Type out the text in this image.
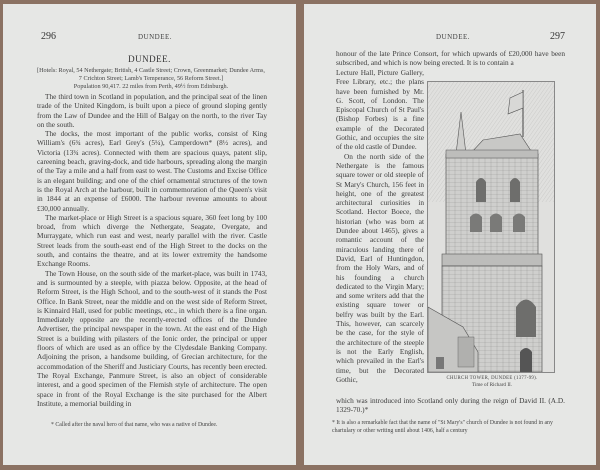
296	DUNDEE.
DUNDEE.
[Hotels: Royal, 54 Nethergate; British, 4 Castle Street; Crown, Greenmarket; Dundee Arms, 7 Crichton Street; Lamb's Temperance, 56 Reform Street.]
Population 90,417. 22 miles from Perth, 49½ from Edinburgh.

The third town in Scotland in population, and the principal seat of the linen trade of the United Kingdom, is built upon a piece of ground sloping gently from the Law of Dundee and the Hill of Balgay on the north, to the river Tay on the south.

The docks, the most important of the public works, consist of King William's (6¾ acres), Earl Grey's (5¼), Camperdown* (8½ acres), and Victoria (13¾ acres). Connected with them are spacious quays, patent slip, careening beach, graving-dock, and tide harbours, spreading along the margin of the Tay a mile and a half from east to west. The Customs and Excise Office is an elegant building; and one of the chief ornamental structures of the town is the Royal Arch at the harbour, built in commemoration of the Queen's visit in 1844 at an expense of £6000. The harbour revenue amounts to about £30,000 annually.

The market-place or High Street is a spacious square, 360 feet long by 100 broad, from which diverge the Nethergate, Seagate, Overgate, and Murraygate, which run east and west, nearly parallel with the river. Castle Street leads from the south-east end of the High Street to the docks on the south, and contains the theatre, and at its lower extremity the handsome Exchange Rooms.

The Town House, on the south side of the market-place, was built in 1743, and is surmounted by a steeple, with piazza below. Opposite, at the head of Reform Street, is the High School, and to the south-west of it stands the Post Office. In Bank Street, near the middle and on the west side of Reform Street, is Kinnaird Hall, used for public meetings, etc., in which there is a fine organ. Immediately opposite are the recently-erected offices of the Dundee Advertiser, the principal newspaper in the town. At the east end of the High Street is a building with pilasters of the Ionic order, the principal or upper floors of which are used as an office by the Clydesdale Banking Company. Adjoining the prison, a handsome building, of Grecian architecture, for the accommodation of the Sheriff and Justiciary Courts, has recently been erected. The Royal Exchange, Panmure Street, is also an object of considerable interest, and a good specimen of the Flemish style of architecture. The open space in front of the Royal Exchange is the site purchased for the Albert Institute, a memorial building in

* Called after the naval hero of that name, who was a native of Dundee.
DUNDEE.	297

honour of the late Prince Consort, for which upwards of £20,000 have been subscribed, and which is now being erected. It is to contain a

Lecture Hall, Picture Gallery, Free Library, etc.; the plans have been furnished by Mr. G. Scott, of London. The Episcopal Church of St Paul's (Bishop Forbes) is a fine example of the Decorated Gothic, and occupies the site of the old castle of Dundee.

On the north side of the Nethergate is the famous square tower or old steeple of St Mary's Church, 156 feet in height, one of the greatest architectural curiosities in Scotland. Hector Boece, the historian (who was born at Dundee about 1465), gives a romantic account of the miraculous landing there of David, Earl of Huntingdon, from the Holy Wars, and of his founding a church dedicated to the Virgin Mary; and some writers add that the existing square tower or belfry was built by the Earl. This, however, can scarcely be the case, for the style of the architecture of the steeple is not the Early English, which prevailed in the Earl's time, but the Decorated Gothic,	CHURCH TOWER, DUNDEE (1377-99).
Time of Richard II.

which was introduced into Scotland only during the reign of David II. (A.D. 1329-70.)*

* It is also a remarkable fact that the name of "St Mary's" church of Dundee is not found in any chartulary or other writing until about 1406, half a century
